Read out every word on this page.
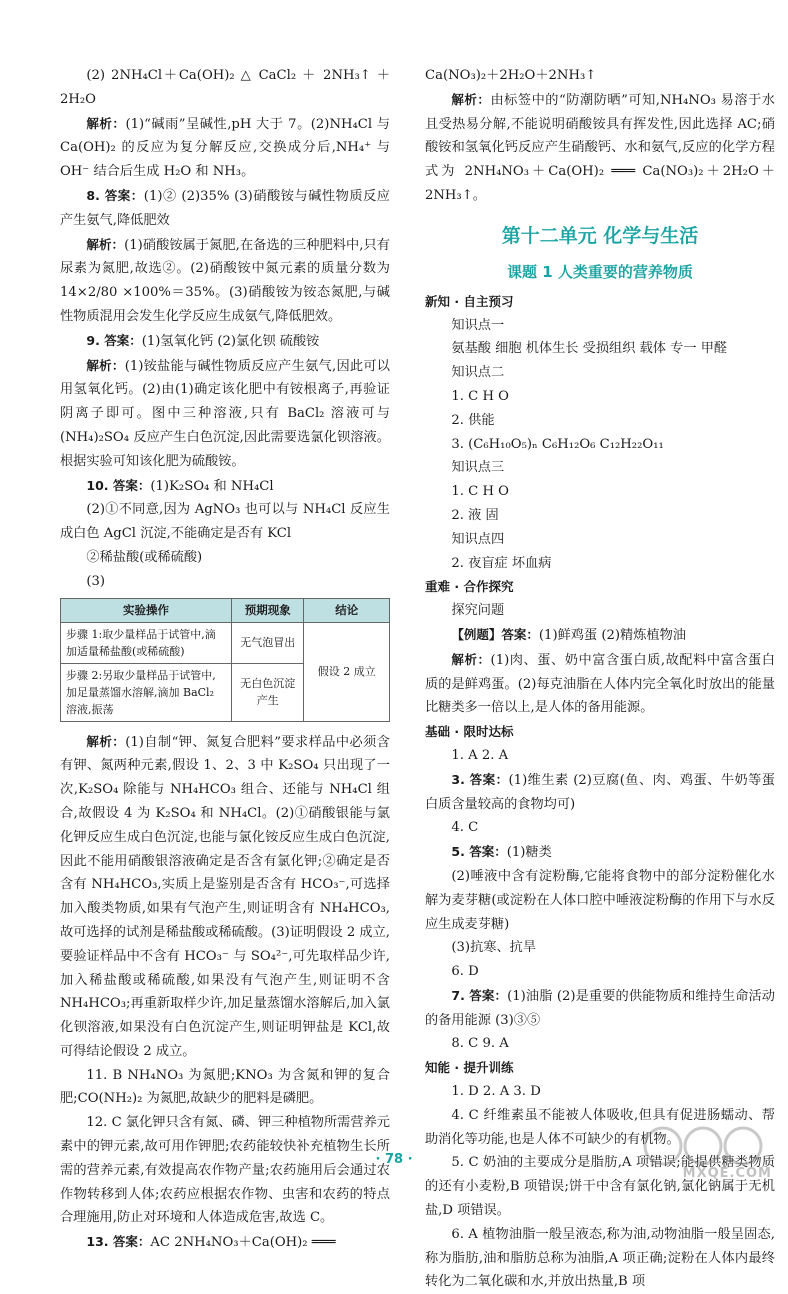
(2) 2NH₄Cl＋Ca(OH)₂ △ CaCl₂ ＋ 2NH₃↑ ＋ 2H₂O

解析：(1)“碱雨”呈碱性,pH 大于 7。(2)NH₄Cl 与 Ca(OH)₂ 的反应为复分解反应,交换成分后,NH₄⁺ 与 OH⁻ 结合后生成 H₂O 和 NH₃。

8. 答案：(1)② (2)35% (3)硝酸铵与碱性物质反应产生氨气,降低肥效

解析：(1)硝酸铵属于氮肥,在备选的三种肥料中,只有尿素为氮肥,故选②。(2)硝酸铵中氮元素的质量分数为 14×2/80 ×100%＝35%。(3)硝酸铵为铵态氮肥,与碱性物质混用会发生化学反应生成氨气,降低肥效。

9. 答案：(1)氢氧化钙 (2)氯化钡 硫酸铵

解析：(1)铵盐能与碱性物质反应产生氨气,因此可以用氢氧化钙。(2)由(1)确定该化肥中有铵根离子,再验证阴离子即可。图中三种溶液,只有 BaCl₂ 溶液可与 (NH₄)₂SO₄ 反应产生白色沉淀,因此需要选氯化钡溶液。根据实验可知该化肥为硫酸铵。

10. 答案：(1)K₂SO₄ 和 NH₄Cl

(2)①不同意,因为 AgNO₃ 也可以与 NH₄Cl 反应生成白色 AgCl 沉淀,不能确定是否有 KCl

②稀盐酸(或稀硫酸)

(3)

实验操作	预期现象	结论
步骤 1:取少量样品于试管中,滴加适量稀盐酸(或稀硫酸)	无气泡冒出	假设 2 成立
步骤 2:另取少量样品于试管中,加足量蒸馏水溶解,滴加 BaCl₂ 溶液,振荡	无白色沉淀产生	

解析：(1)自制“钾、氮复合肥料”要求样品中必须含有钾、氮两种元素,假设 1、2、3 中 K₂SO₄ 只出现了一次,K₂SO₄ 除能与 NH₄HCO₃ 组合、还能与 NH₄Cl 组合,故假设 4 为 K₂SO₄ 和 NH₄Cl。(2)①硝酸银能与氯化钾反应生成白色沉淀,也能与氯化铵反应生成白色沉淀,因此不能用硝酸银溶液确定是否含有氯化钾;②确定是否含有 NH₄HCO₃,实质上是鉴别是否含有 HCO₃⁻,可选择加入酸类物质,如果有气泡产生,则证明含有 NH₄HCO₃,故可选择的试剂是稀盐酸或稀硫酸。(3)证明假设 2 成立,要验证样品中不含有 HCO₃⁻ 与 SO₄²⁻,可先取样品少许,加入稀盐酸或稀硫酸,如果没有气泡产生,则证明不含 NH₄HCO₃;再重新取样少许,加足量蒸馏水溶解后,加入氯化钡溶液,如果没有白色沉淀产生,则证明钾盐是 KCl,故可得结论假设 2 成立。

11. B NH₄NO₃ 为氮肥;KNO₃ 为含氮和钾的复合肥;CO(NH₂)₂ 为氮肥,故缺少的肥料是磷肥。

12. C 氯化钾只含有氮、磷、钾三种植物所需营养元素中的钾元素,故可用作钾肥;农药能较快补充植物生长所需的营养元素,有效提高农作物产量;农药施用后会通过农作物转移到人体;农药应根据农作物、虫害和农药的特点合理施用,防止对环境和人体造成危害,故选 C。

13. 答案：AC 2NH₄NO₃＋Ca(OH)₂ ═══

Ca(NO₃)₂＋2H₂O＋2NH₃↑

解析：由标签中的“防潮防晒”可知,NH₄NO₃ 易溶于水且受热易分解,不能说明硝酸铵具有挥发性,因此选择 AC;硝酸铵和氢氧化钙反应产生硝酸钙、水和氨气,反应的化学方程式为 2NH₄NO₃＋Ca(OH)₂ ═══ Ca(NO₃)₂＋2H₂O＋2NH₃↑。

第十二单元 化学与生活
课题 1 人类重要的营养物质

新知 · 自主预习

知识点一

氨基酸 细胞 机体生长 受损组织 载体 专一 甲醛

知识点二

1. C H O

2. 供能

3. (C₆H₁₀O₅)ₙ C₆H₁₂O₆ C₁₂H₂₂O₁₁

知识点三

1. C H O

2. 液 固

知识点四

2. 夜盲症 坏血病

重难 · 合作探究

探究问题

【例题】答案：(1)鲜鸡蛋 (2)精炼植物油

解析：(1)肉、蛋、奶中富含蛋白质,故配料中富含蛋白质的是鲜鸡蛋。(2)每克油脂在人体内完全氧化时放出的能量比糖类多一倍以上,是人体的备用能源。

基础 · 限时达标

1. A 2. A

3. 答案：(1)维生素 (2)豆腐(鱼、肉、鸡蛋、牛奶等蛋白质含量较高的食物均可)

4. C

5. 答案：(1)糖类

(2)唾液中含有淀粉酶,它能将食物中的部分淀粉催化水解为麦芽糖(或淀粉在人体口腔中唾液淀粉酶的作用下与水反应生成麦芽糖)

(3)抗寒、抗旱

6. D

7. 答案：(1)油脂 (2)是重要的供能物质和维持生命活动的备用能源 (3)③⑤

8. C 9. A

知能 · 提升训练

1. D 2. A 3. D

4. C 纤维素虽不能被人体吸收,但具有促进肠蠕动、帮助消化等功能,也是人体不可缺少的有机物。

5. C 奶油的主要成分是脂肪,A 项错误;能提供糖类物质的还有小麦粉,B 项错误;饼干中含有氯化钠,氯化钠属于无机盐,D 项错误。

6. A 植物油脂一般呈液态,称为油,动物油脂一般呈固态,称为脂肪,油和脂肪总称为油脂,A 项正确;淀粉在人体内最终转化为二氧化碳和水,并放出热量,B 项

· 78 ·
MXQE.COM
